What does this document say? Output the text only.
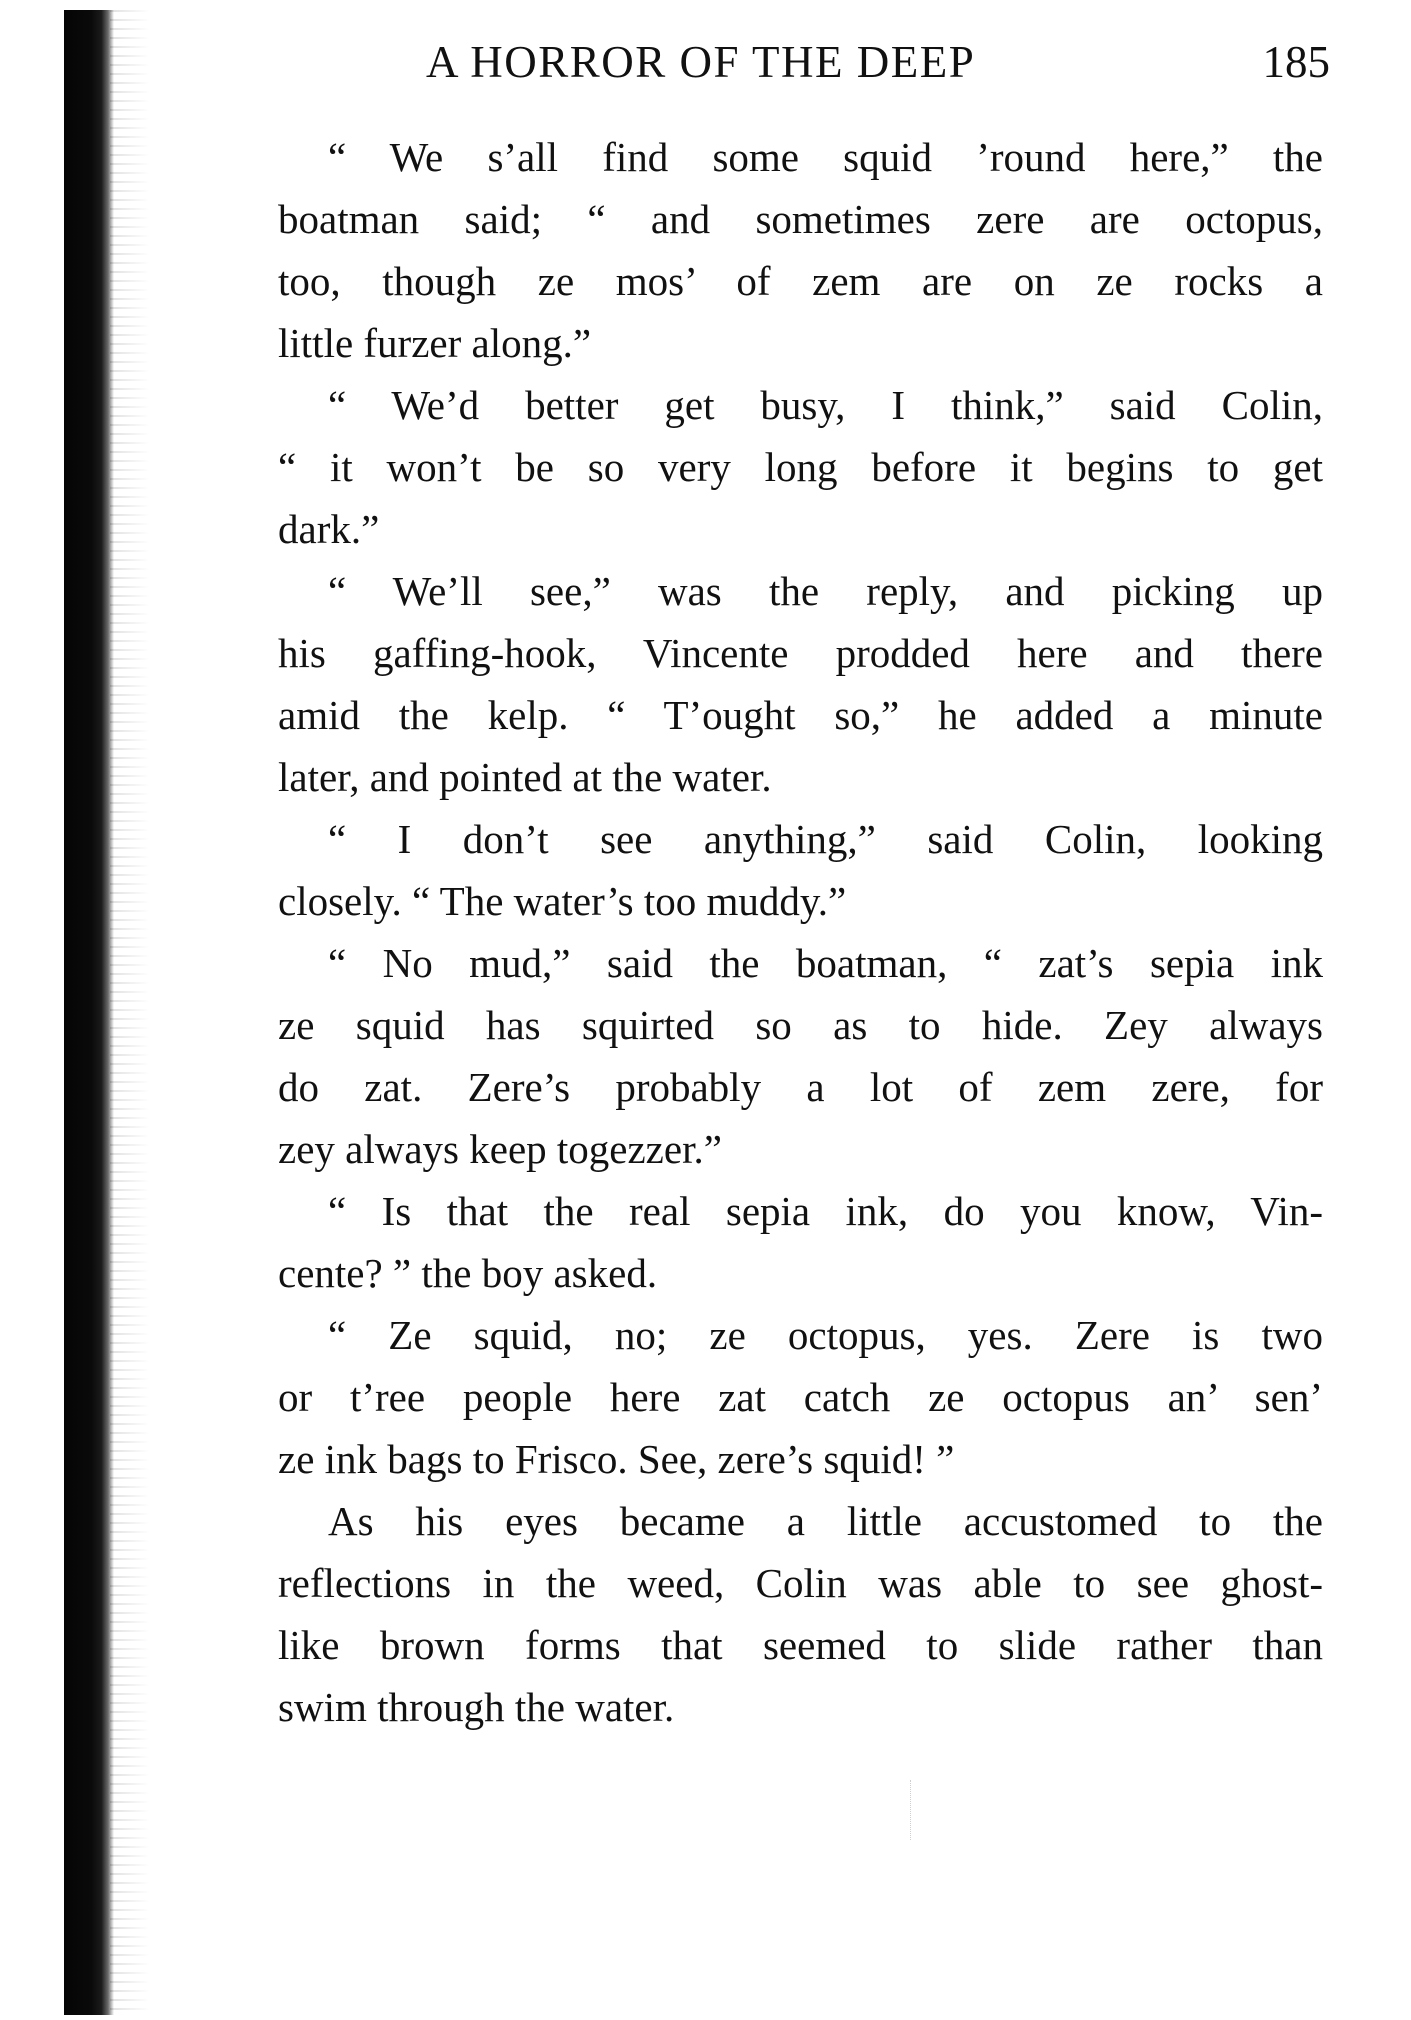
A HORROR OF THE DEEP	185
“ We s’all find some squid ’round here,” the
boatman said; “ and sometimes zere are octopus,
too, though ze mos’ of zem are on ze rocks a
little furzer along.”
“ We’d better get busy, I think,” said Colin,
“ it won’t be so very long before it begins to get
dark.”
“ We’ll see,” was the reply, and picking up
his gaffing-hook, Vincente prodded here and there
amid the kelp. “ T’ought so,” he added a minute
later, and pointed at the water.
“ I don’t see anything,” said Colin, looking
closely. “ The water’s too muddy.”
“ No mud,” said the boatman, “ zat’s sepia ink
ze squid has squirted so as to hide. Zey always
do zat. Zere’s probably a lot of zem zere, for
zey always keep togezzer.”
“ Is that the real sepia ink, do you know, Vin-
cente? ” the boy asked.
“ Ze squid, no; ze octopus, yes. Zere is two
or t’ree people here zat catch ze octopus an’ sen’
ze ink bags to Frisco. See, zere’s squid! ”
As his eyes became a little accustomed to the
reflections in the weed, Colin was able to see ghost-
like brown forms that seemed to slide rather than
swim through the water.
